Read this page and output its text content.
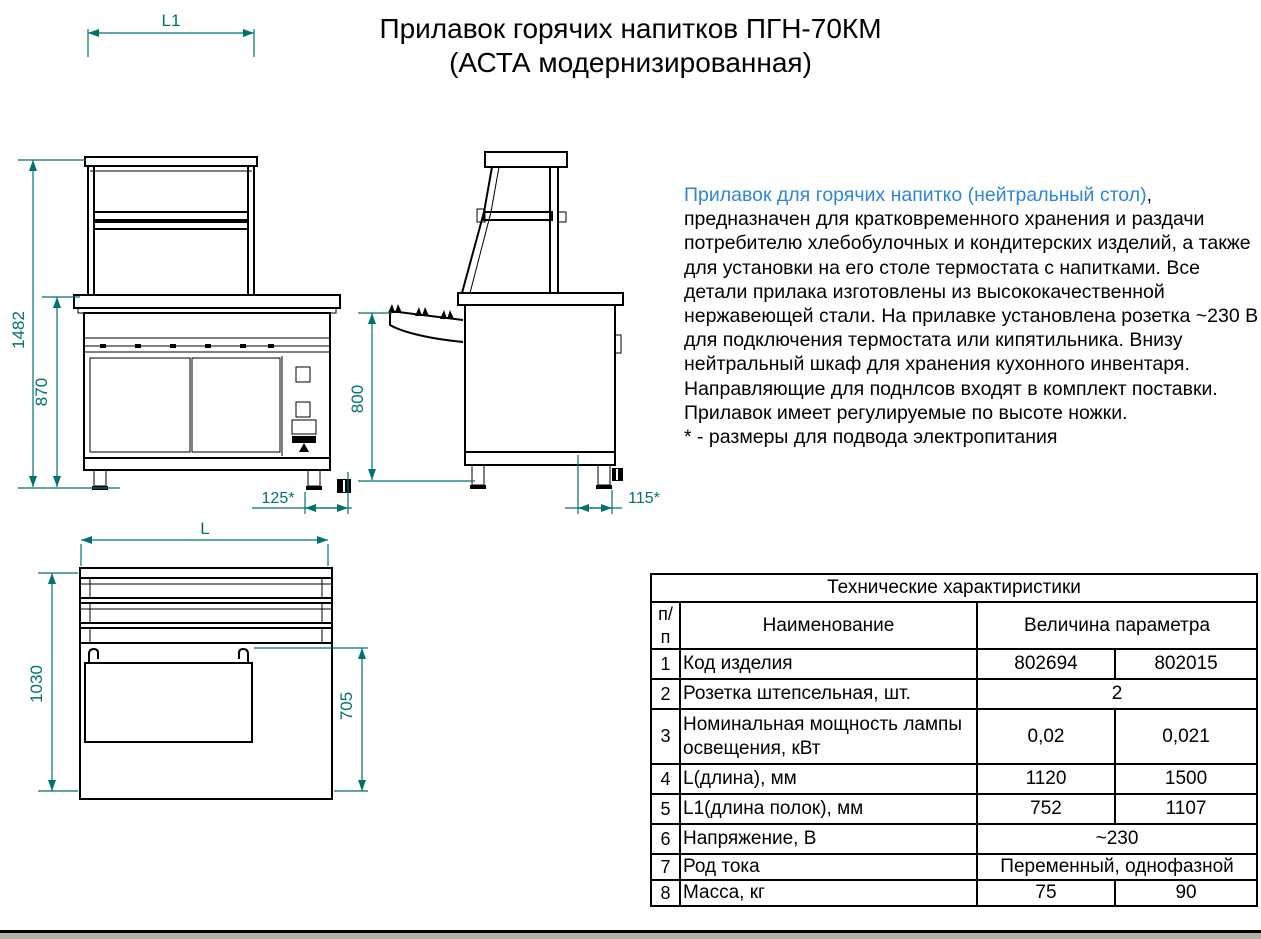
Прилавок горячих напитков ПГН-70КМ
(АСТА модернизированная)
L1
1482
870
125*
800
115*
L
1030
705
Прилавок для горячих напитко (нейтральный стол), предназначен для кратковременного хранения и раздачи потребителю хлебобулочных и кондитерских изделий, а также для установки на его столе термостата с напитками. Все детали прилака изготовлены из высококачественной нержавеющей стали. На прилавке установлена розетка ~230 В для подключения термостата или кипятильника. Внизу нейтральный шкаф для хранения кухонного инвентаря. Направляющие для поднлсов входят в комплект поставки. Прилавок имеет регулируемые по высоте ножки.
* - размеры для подвода электропитания
Технические характиристики			
п/п	Наименование	Величина параметра	
1	Код изделия	802694	802015
2	Розетка штепсельная, шт.	2	
3	Номинальная мощность лампы освещения, кВт	0,02	0,021
4	L(длина), мм	1120	1500
5	L1(длина полок), мм	752	1107
6	Напряжение, В	~230	
7	Род тока	Переменный, однофазной	
8	Масса, кг	75	90
